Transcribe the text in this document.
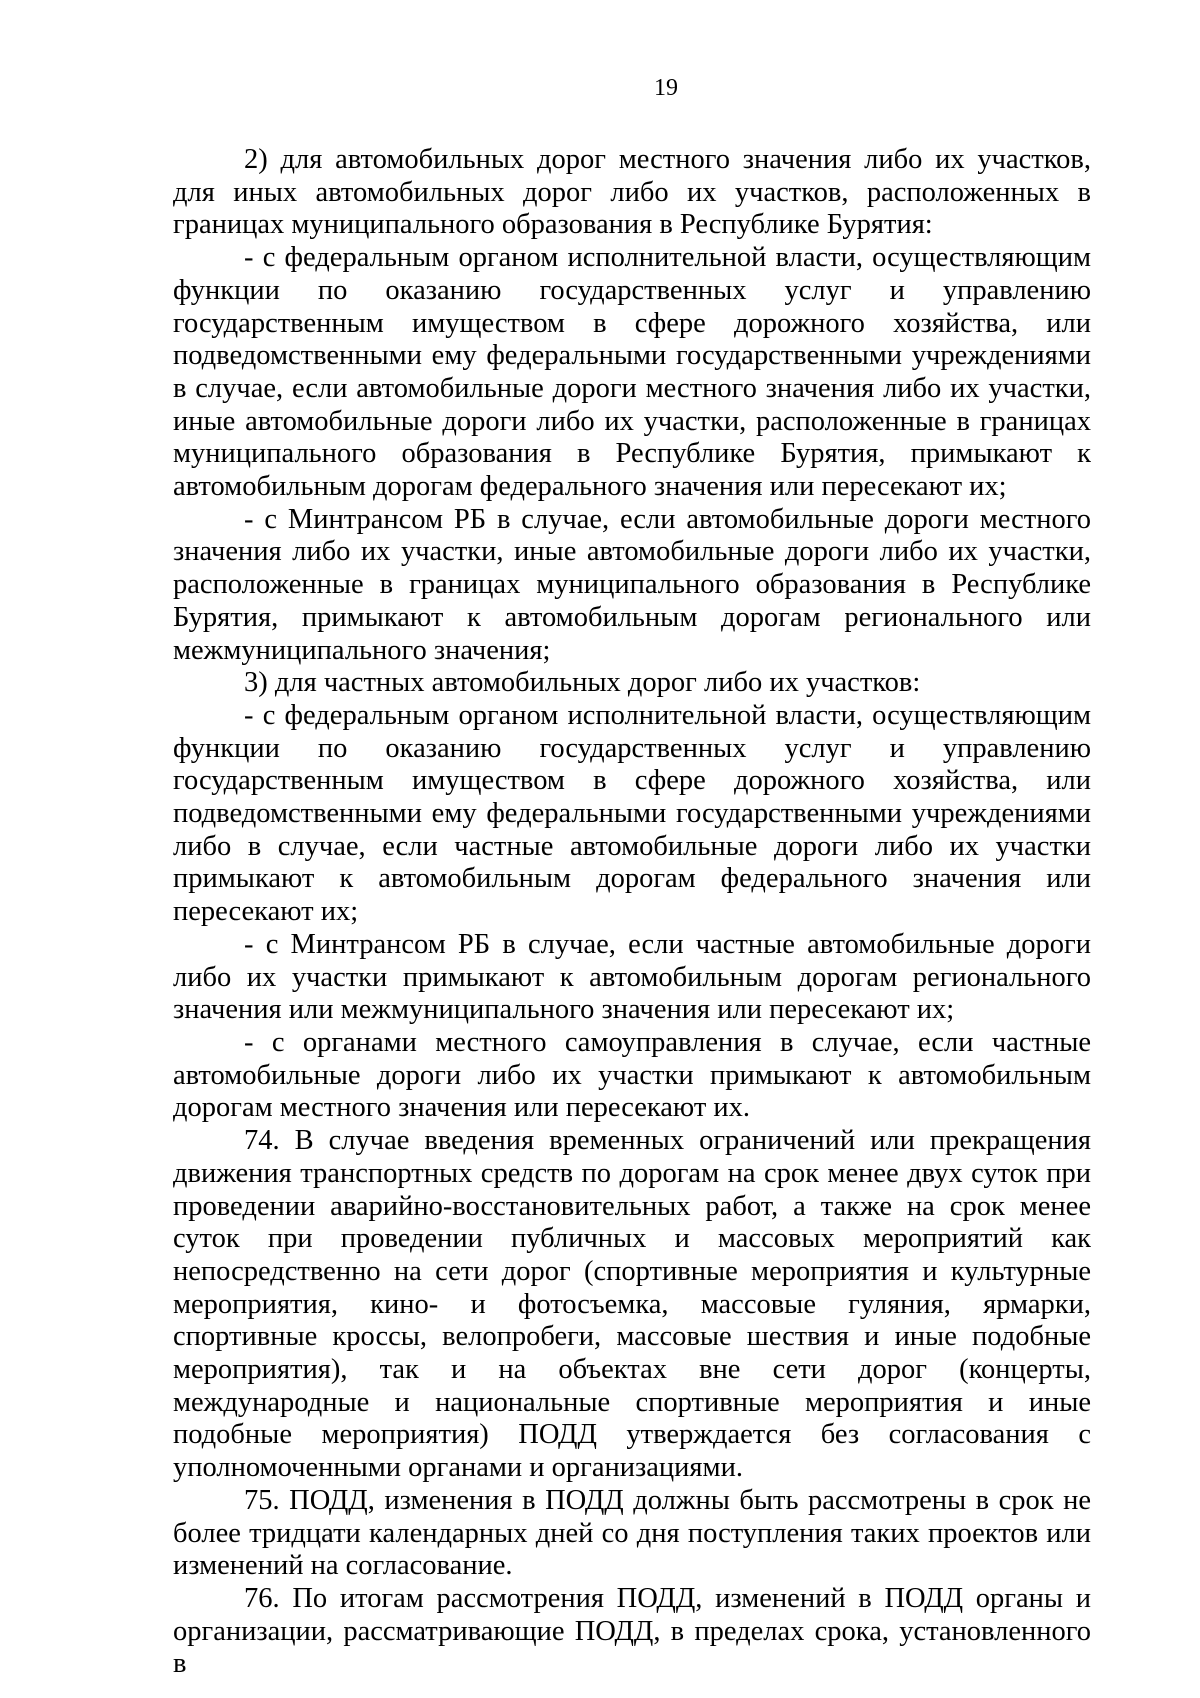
19

2) для автомобильных дорог местного значения либо их участков, для иных автомобильных дорог либо их участков, расположенных в границах муниципального образования в Республике Бурятия:

- с федеральным органом исполнительной власти, осуществляющим функции по оказанию государственных услуг и управлению государственным имуществом в сфере дорожного хозяйства, или подведомственными ему федеральными государственными учреждениями в случае, если автомобильные дороги местного значения либо их участки, иные автомобильные дороги либо их участки, расположенные в границах муниципального образования в Республике Бурятия, примыкают к автомобильным дорогам федерального значения или пересекают их;

- с Минтрансом РБ в случае, если автомобильные дороги местного значения либо их участки, иные автомобильные дороги либо их участки, расположенные в границах муниципального образования в Республике Бурятия, примыкают к автомобильным дорогам регионального или межмуниципального значения;

3) для частных автомобильных дорог либо их участков:

- с федеральным органом исполнительной власти, осуществляющим функции по оказанию государственных услуг и управлению государственным имуществом в сфере дорожного хозяйства, или подведомственными ему федеральными государственными учреждениями либо в случае, если частные автомобильные дороги либо их участки примыкают к автомобильным дорогам федерального значения или пересекают их;

- с Минтрансом РБ в случае, если частные автомобильные дороги либо их участки примыкают к автомобильным дорогам регионального значения или межмуниципального значения или пересекают их;

- с органами местного самоуправления в случае, если частные автомобильные дороги либо их участки примыкают к автомобильным дорогам местного значения или пересекают их.

74. В случае введения временных ограничений или прекращения движения транспортных средств по дорогам на срок менее двух суток при проведении аварийно-восстановительных работ, а также на срок менее суток при проведении публичных и массовых мероприятий как непосредственно на сети дорог (спортивные мероприятия и культурные мероприятия, кино- и фотосъемка, массовые гуляния, ярмарки, спортивные кроссы, велопробеги, массовые шествия и иные подобные мероприятия), так и на объектах вне сети дорог (концерты, международные и национальные спортивные мероприятия и иные подобные мероприятия) ПОДД утверждается без согласования с уполномоченными органами и организациями.

75. ПОДД, изменения в ПОДД должны быть рассмотрены в срок не более тридцати календарных дней со дня поступления таких проектов или изменений на согласование.

76. По итогам рассмотрения ПОДД, изменений в ПОДД органы и организации, рассматривающие ПОДД, в пределах срока, установленного в
